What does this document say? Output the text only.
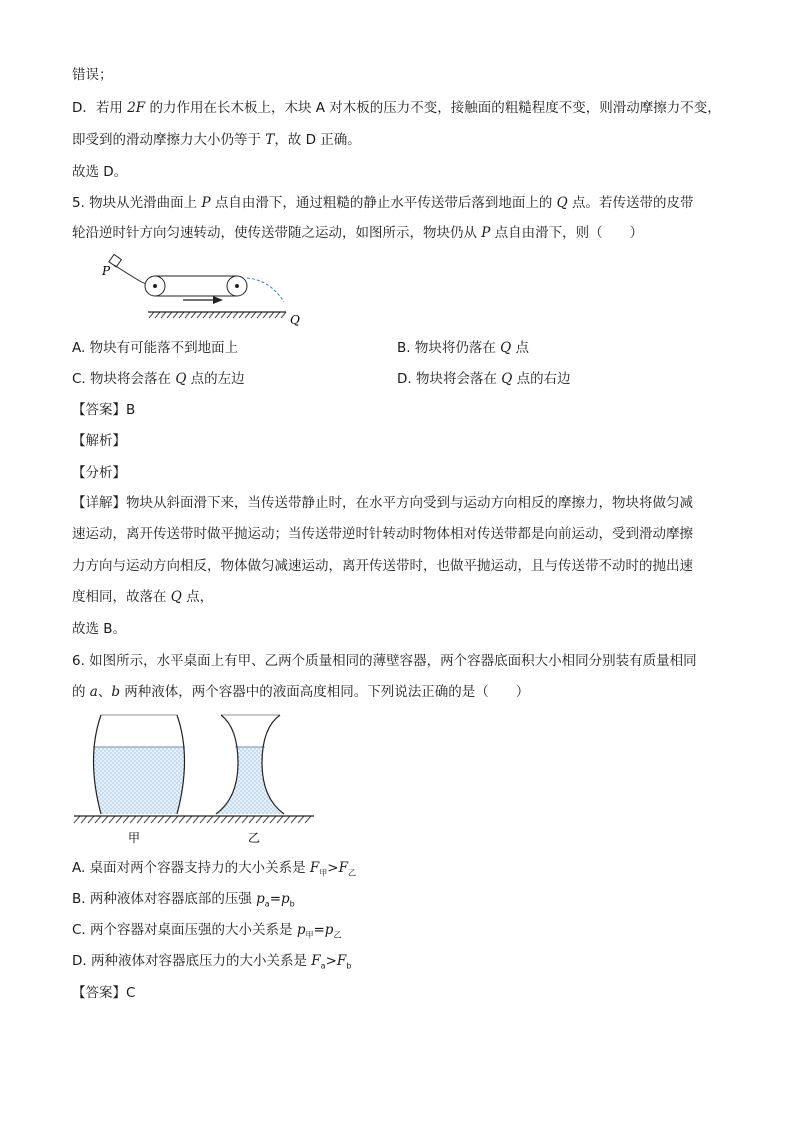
错误；
D．若用 2F 的力作用在长木板上，木块 A 对木板的压力不变，接触面的粗糙程度不变，则滑动摩擦力不变，
即受到的滑动摩擦力大小仍等于 T，故 D 正确。
故选 D。
5. 物块从光滑曲面上 P 点自由滑下，通过粗糙的静止水平传送带后落到地面上的 Q 点。若传送带的皮带
轮沿逆时针方向匀速转动，使传送带随之运动，如图所示，物块仍从 P 点自由滑下，则（　　）
P
Q
A. 物块有可能落不到地面上	B. 物块将仍落在 Q 点
C. 物块将会落在 Q 点的左边	D. 物块将会落在 Q 点的右边
【答案】B
【解析】
【分析】
【详解】物块从斜面滑下来，当传送带静止时，在水平方向受到与运动方向相反的摩擦力，物块将做匀减
速运动，离开传送带时做平抛运动；当传送带逆时针转动时物体相对传送带都是向前运动，受到滑动摩擦
力方向与运动方向相反，物体做匀减速运动，离开传送带时，也做平抛运动，且与传送带不动时的抛出速
度相同，故落在 Q 点，
故选 B。
6. 如图所示，水平桌面上有甲、乙两个质量相同的薄壁容器，两个容器底面积大小相同分别装有质量相同
的 a、b 两种液体，两个容器中的液面高度相同。下列说法正确的是（　　）
甲	乙
A. 桌面对两个容器支持力的大小关系是 $F_甲>F_乙$
B. 两种液体对容器底部的压强 $p_a=p_b$
C. 两个容器对桌面压强的大小关系是 $p_甲=p_乙$
D. 两种液体对容器底压力的大小关系是 $F_a>F_b$
【答案】C
